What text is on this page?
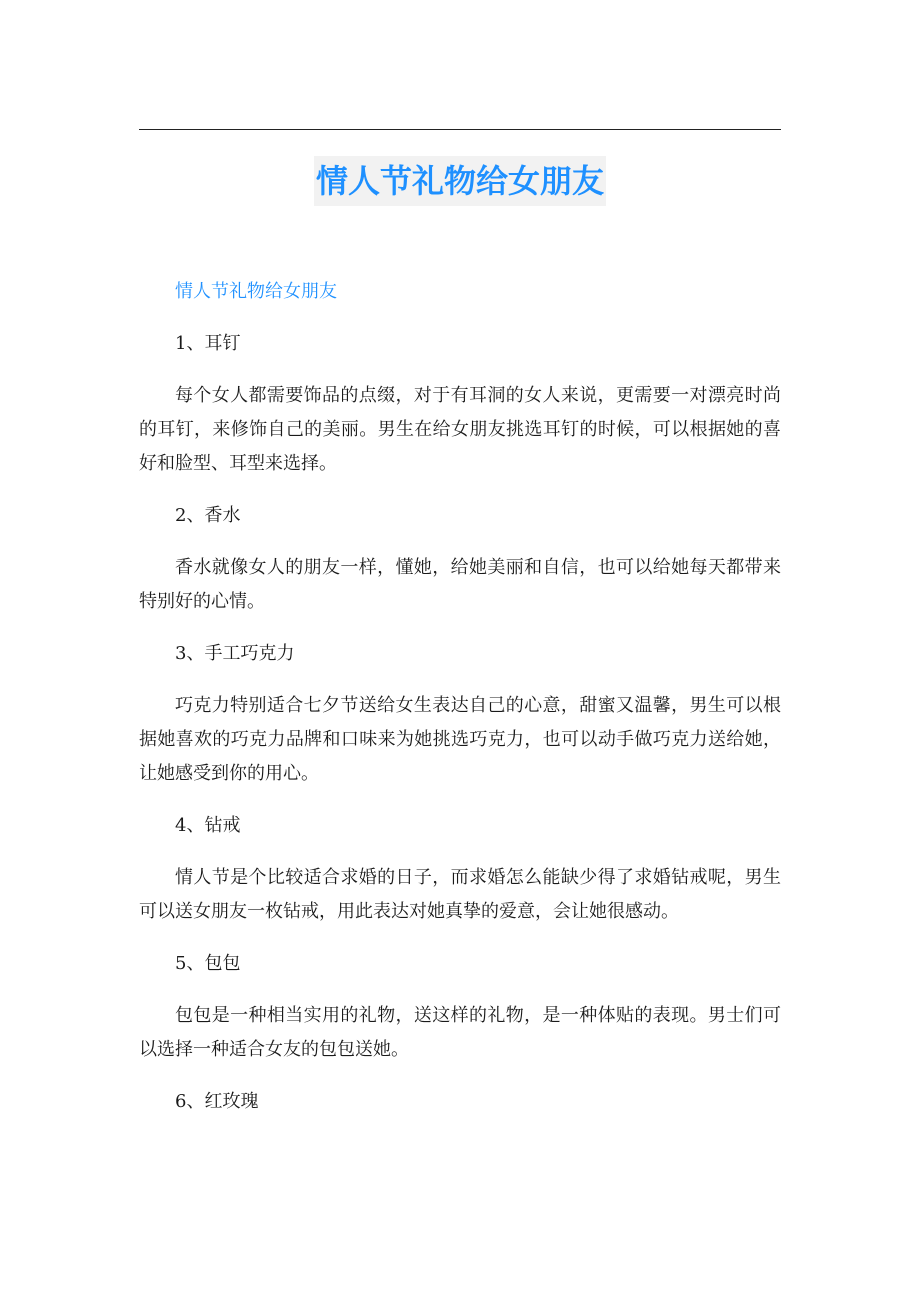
情人节礼物给女朋友
情人节礼物给女朋友
1、耳钉
每个女人都需要饰品的点缀，对于有耳洞的女人来说，更需要一对漂亮时尚的耳钉，来修饰自己的美丽。男生在给女朋友挑选耳钉的时候，可以根据她的喜好和脸型、耳型来选择。
2、香水
香水就像女人的朋友一样，懂她，给她美丽和自信，也可以给她每天都带来特别好的心情。
3、手工巧克力
巧克力特别适合七夕节送给女生表达自己的心意，甜蜜又温馨，男生可以根据她喜欢的巧克力品牌和口味来为她挑选巧克力，也可以动手做巧克力送给她，让她感受到你的用心。
4、钻戒
情人节是个比较适合求婚的日子，而求婚怎么能缺少得了求婚钻戒呢，男生可以送女朋友一枚钻戒，用此表达对她真挚的爱意，会让她很感动。
5、包包
包包是一种相当实用的礼物，送这样的礼物，是一种体贴的表现。男士们可以选择一种适合女友的包包送她。
6、红玫瑰
